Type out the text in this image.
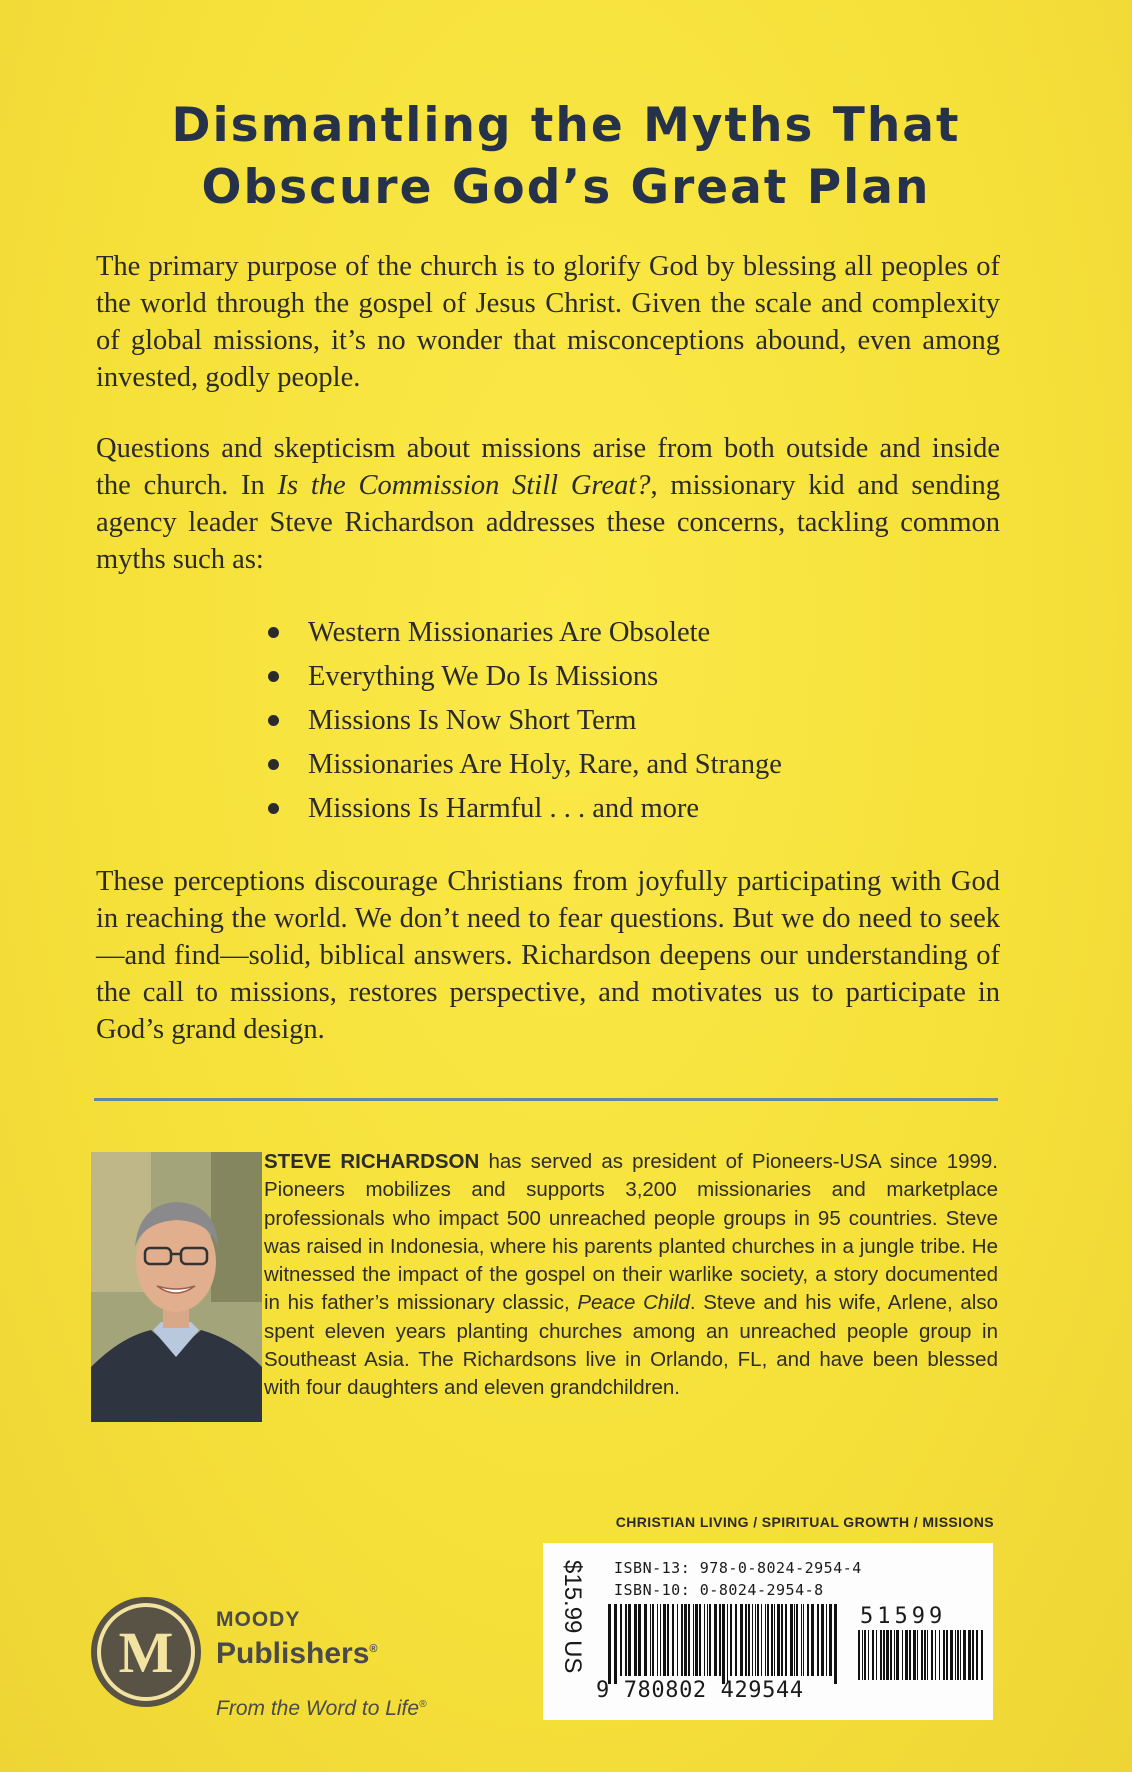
Dismantling the Myths That
Obscure God’s Great Plan
The primary purpose of the church is to glorify God by blessing all peoples of the world through the gospel of Jesus Christ. Given the scale and complexity of global missions, it’s no wonder that misconceptions abound, even among invested, godly people.
Questions and skepticism about missions arise from both outside and inside the church. In Is the Commission Still Great?, missionary kid and sending agency leader Steve Richardson addresses these concerns, tackling common myths such as:
Western Missionaries Are Obsolete
Everything We Do Is Missions
Missions Is Now Short Term
Missionaries Are Holy, Rare, and Strange
Missions Is Harmful . . . and more
These perceptions discourage Christians from joyfully participating with God in reaching the world. We don’t need to fear questions. But we do need to seek—and find—solid, biblical answers. Richardson deepens our understanding of the call to missions, restores perspective, and motivates us to participate in God’s grand design.
STEVE RICHARDSON has served as president of Pioneers-USA since 1999. Pioneers mobilizes and supports 3,200 missionaries and marketplace professionals who impact 500 unreached people groups in 95 countries. Steve was raised in Indonesia, where his parents planted churches in a jungle tribe. He witnessed the impact of the gospel on their warlike society, a story documented in his father’s missionary classic, Peace Child. Steve and his wife, Arlene, also spent eleven years planting churches among an unreached people group in Southeast Asia. The Richardsons live in Orlando, FL, and have been blessed with four daughters and eleven grandchildren.
CHRISTIAN LIVING / SPIRITUAL GROWTH / MISSIONS
$15.99 US ISBN-13: 978-0-8024-2954-4
ISBN-10: 0-8024-2954-8
9 780802 429544
51599
M
MOODY
Publishers®
From the Word to Life®
